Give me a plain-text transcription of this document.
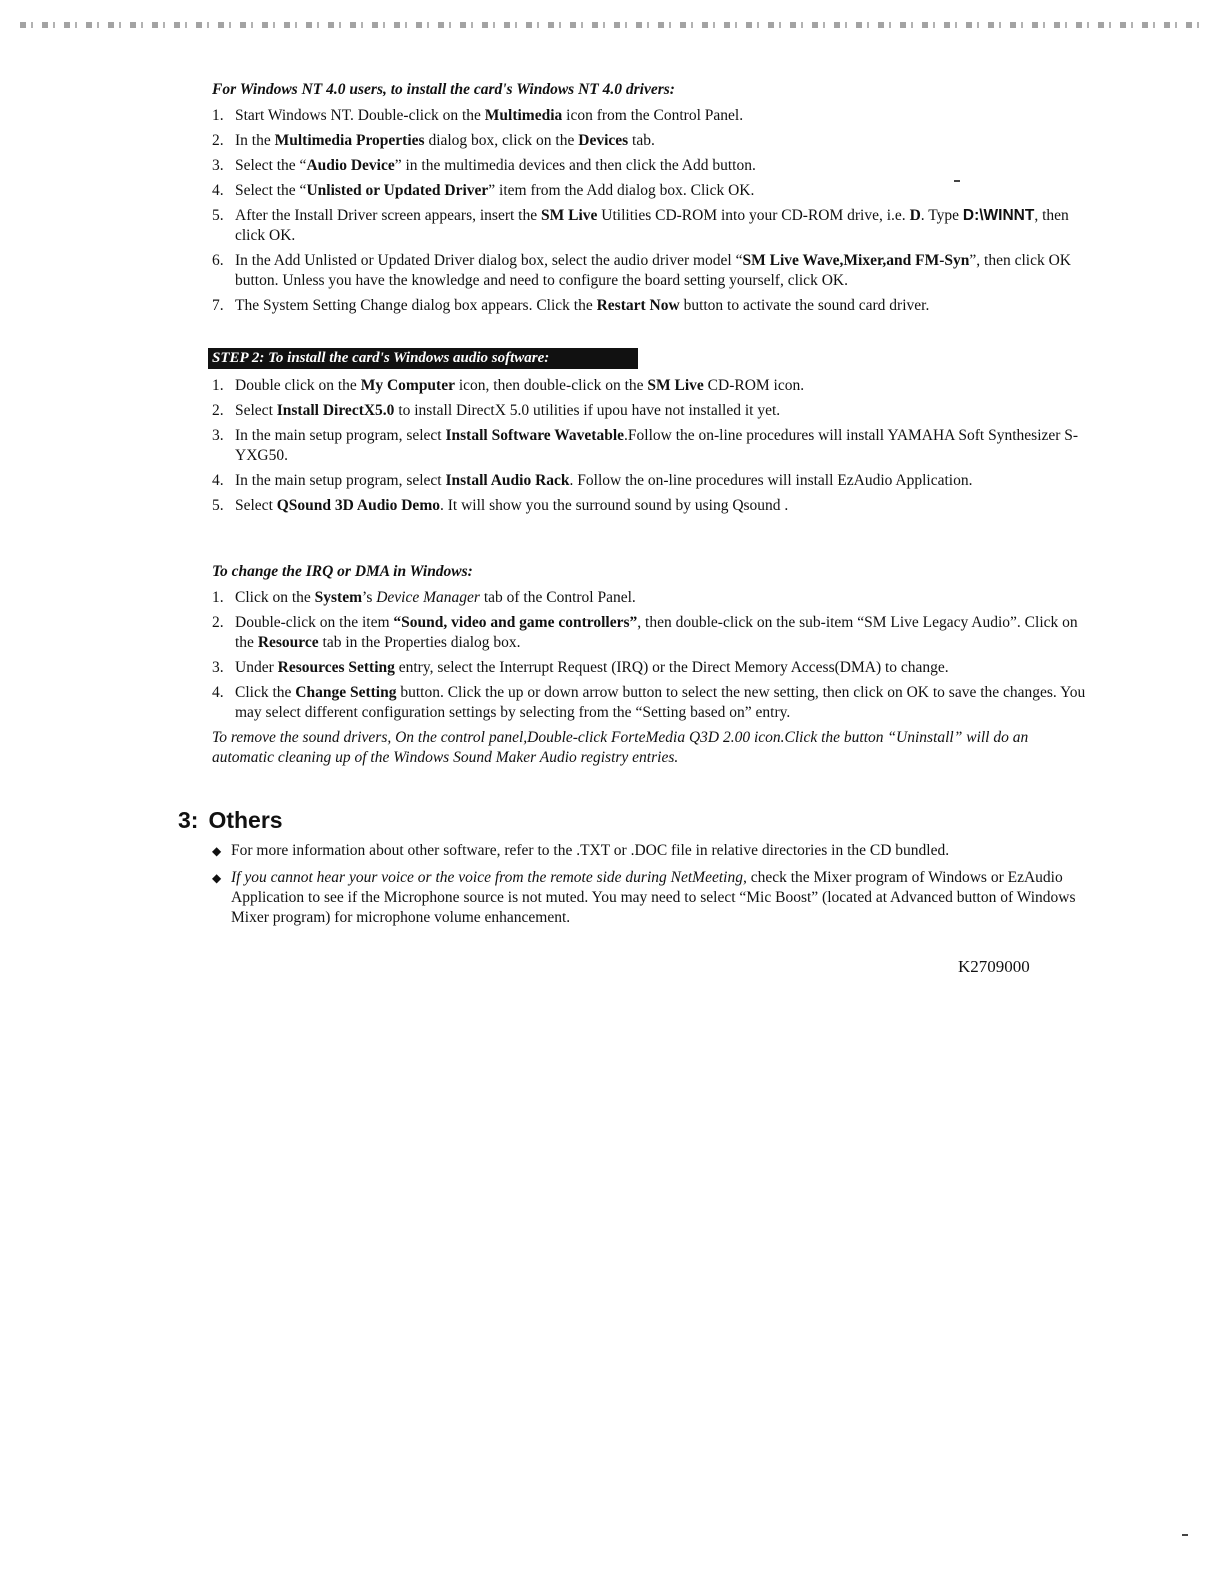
For Windows NT 4.0 users, to install the card's Windows NT 4.0 drivers:
1. Start Windows NT. Double-click on the Multimedia icon from the Control Panel.
2. In the Multimedia Properties dialog box, click on the Devices tab.
3. Select the “Audio Device” in the multimedia devices and then click the Add button.
4. Select the “Unlisted or Updated Driver” item from the Add dialog box. Click OK.
5. After the Install Driver screen appears, insert the SM Live Utilities CD-ROM into your CD-ROM drive, i.e. D. Type D:\WINNT, then click OK.
6. In the Add Unlisted or Updated Driver dialog box, select the audio driver model “SM Live Wave,Mixer,and FM-Syn”, then click OK button. Unless you have the knowledge and need to configure the board setting yourself, click OK.
7. The System Setting Change dialog box appears. Click the Restart Now button to activate the sound card driver.
STEP 2: To install the card's Windows audio software:
1. Double click on the My Computer icon, then double-click on the SM Live CD-ROM icon.
2. Select Install DirectX5.0 to install DirectX 5.0 utilities if upou have not installed it yet.
3. In the main setup program, select Install Software Wavetable.Follow the on-line procedures will install YAMAHA Soft Synthesizer S-YXG50.
4. In the main setup program, select Install Audio Rack. Follow the on-line procedures will install EzAudio Application.
5. Select QSound 3D Audio Demo. It will show you the surround sound by using Qsound .
To change the IRQ or DMA in Windows:
1. Click on the System’s Device Manager tab of the Control Panel.
2. Double-click on the item “Sound, video and game controllers”, then double-click on the sub-item “SM Live Legacy Audio”. Click on the Resource tab in the Properties dialog box.
3. Under Resources Setting entry, select the Interrupt Request (IRQ) or the Direct Memory Access(DMA) to change.
4. Click the Change Setting button. Click the up or down arrow button to select the new setting, then click on OK to save the changes. You may select different configuration settings by selecting from the “Setting based on” entry.
To remove the sound drivers, On the control panel,Double-click ForteMedia Q3D 2.00 icon.Click the button “Uninstall” will do an automatic cleaning up of the Windows Sound Maker Audio registry entries.
3: Others
◆ For more information about other software, refer to the .TXT or .DOC file in relative directories in the CD bundled.
◆ If you cannot hear your voice or the voice from the remote side during NetMeeting, check the Mixer program of Windows or EzAudio Application to see if the Microphone source is not muted. You may need to select “Mic Boost” (located at Advanced button of Windows Mixer program) for microphone volume enhancement.
K2709000
